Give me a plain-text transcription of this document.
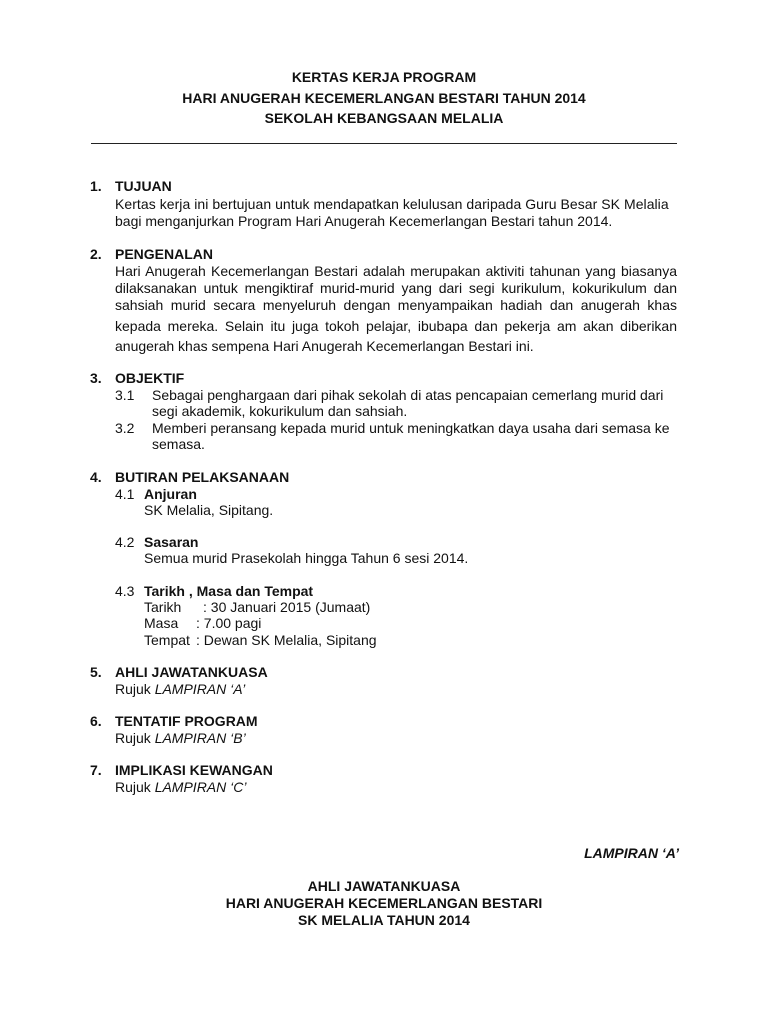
KERTAS KERJA PROGRAM
HARI ANUGERAH KECEMERLANGAN BESTARI TAHUN 2014
SEKOLAH KEBANGSAAN MELALIA
1. TUJUAN
Kertas kerja ini bertujuan untuk mendapatkan kelulusan daripada Guru Besar SK Melalia
bagi menganjurkan Program Hari Anugerah Kecemerlangan Bestari tahun 2014.
2. PENGENALAN
Hari Anugerah Kecemerlangan Bestari adalah merupakan aktiviti tahunan yang biasanya
dilaksanakan untuk mengiktiraf murid-murid yang dari segi kurikulum, kokurikulum dan
sahsiah murid secara menyeluruh dengan menyampaikan hadiah dan anugerah khas
kepada mereka. Selain itu juga tokoh pelajar, ibubapa dan pekerja am akan diberikan
anugerah khas sempena Hari Anugerah Kecemerlangan Bestari ini.
3. OBJEKTIF
3.1 Sebagai penghargaan dari pihak sekolah di atas pencapaian cemerlang murid dari
segi akademik, kokurikulum dan sahsiah.
3.2 Memberi peransang kepada murid untuk meningkatkan daya usaha dari semasa ke
semasa.
4. BUTIRAN PELAKSANAAN
4.1 Anjuran
SK Melalia, Sipitang.
4.2 Sasaran
Semua murid Prasekolah hingga Tahun 6 sesi 2014.
4.3 Tarikh , Masa dan Tempat
Tarikh : 30 Januari 2015 (Jumaat)
Masa : 7.00 pagi
Tempat : Dewan SK Melalia, Sipitang
5. AHLI JAWATANKUASA
Rujuk LAMPIRAN ‘A’
6. TENTATIF PROGRAM
Rujuk LAMPIRAN ‘B’
7. IMPLIKASI KEWANGAN
Rujuk LAMPIRAN ‘C’
LAMPIRAN ‘A’
AHLI JAWATANKUASA
HARI ANUGERAH KECEMERLANGAN BESTARI
SK MELALIA TAHUN 2014
